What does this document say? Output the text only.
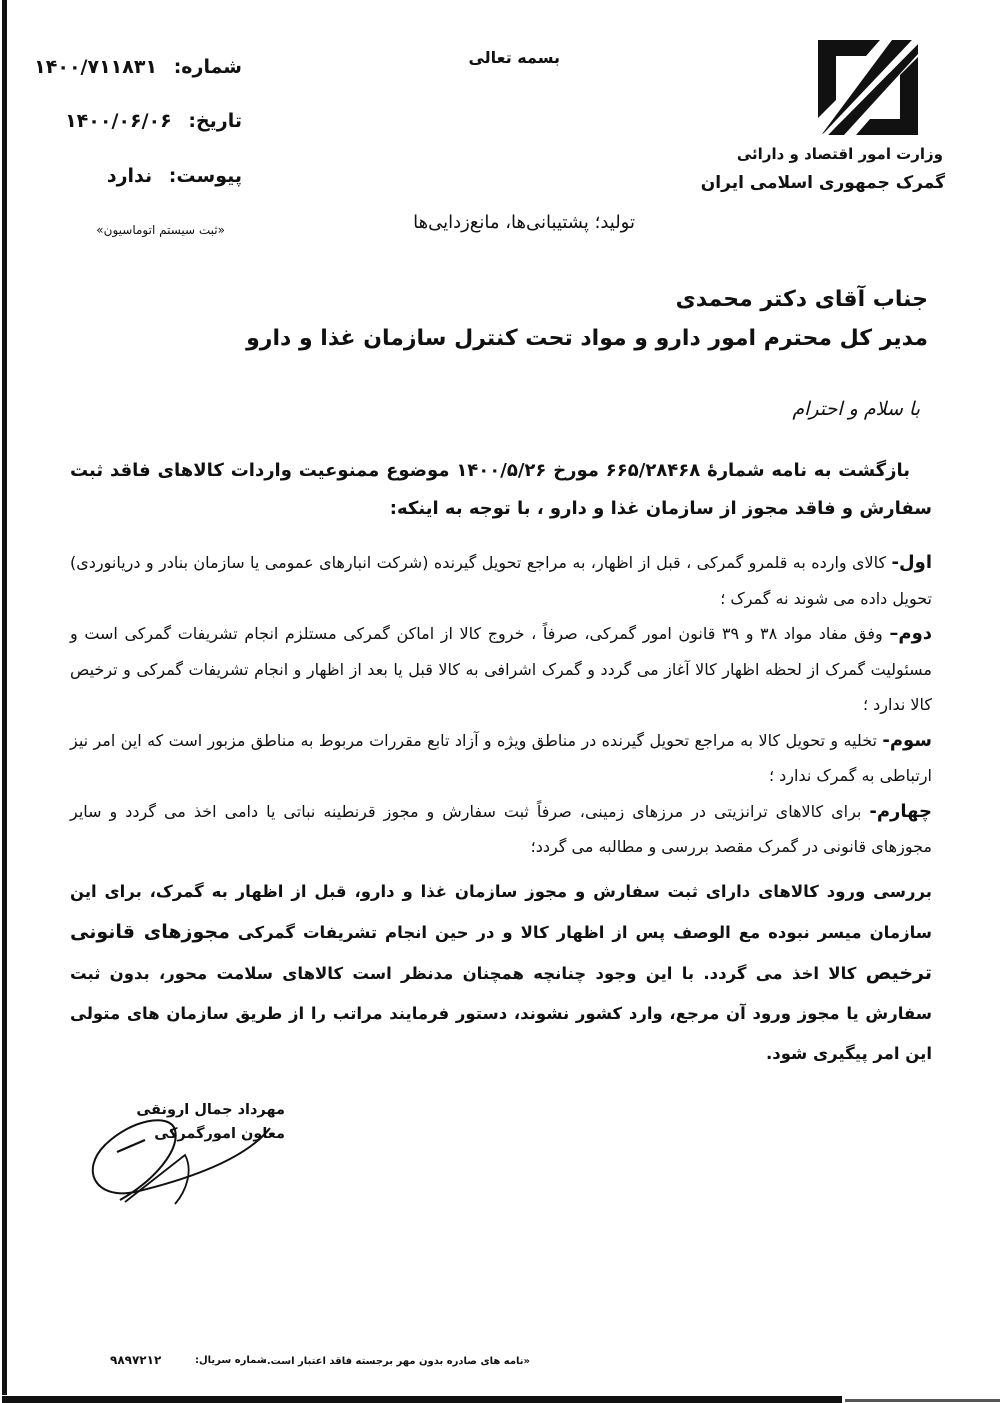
شماره: ۱۴۰۰/۷۱۱۸۳۱
تاریخ: ۱۴۰۰/۰۶/۰۶
پیوست: ندارد
«ثبت سیستم اتوماسیون»
بسمه تعالی
تولید؛ پشتیبانی‌ها، مانع‌زدایی‌ها
وزارت امور اقتصاد و دارائی
گمرک جمهوری اسلامی ایران
جناب آقای دکتر محمدی
مدیر کل محترم امور دارو و مواد تحت کنترل سازمان غذا و دارو
با سلام و احترام
بازگشت به نامه شمارهٔ ۶۶۵/۲۸۴۶۸ مورخ ۱۴۰۰/۵/۲۶ موضوع ممنوعیت واردات کالاهای فاقد ثبت سفارش و فاقد مجوز از سازمان غذا و دارو ، با توجه به اینکه:

اول- کالای وارده به قلمرو گمرکی ، قبل از اظهار، به مراجع تحویل گیرنده (شرکت انبارهای عمومی یا سازمان بنادر و دریانوردی) تحویل داده می شوند نه گمرک ؛

دوم– وفق مفاد مواد ۳۸ و ۳۹ قانون امور گمرکی، صرفاً ، خروج کالا از اماکن گمرکی مستلزم انجام تشریفات گمرکی است و مسئولیت گمرک از لحظه اظهار کالا آغاز می گردد و گمرک اشرافی به کالا قبل یا بعد از اظهار و انجام تشریفات گمرکی و ترخیص کالا ندارد ؛

سوم- تخلیه و تحویل کالا به مراجع تحویل گیرنده در مناطق ویژه و آزاد تابع مقررات مربوط به مناطق مزبور است که این امر نیز ارتباطی به گمرک ندارد ؛

چهارم- برای کالاهای ترانزیتی در مرزهای زمینی، صرفاً ثبت سفارش و مجوز قرنطینه نباتی یا دامی اخذ می گردد و سایر مجوزهای قانونی در گمرک مقصد بررسی و مطالبه می گردد؛

بررسی ورود کالاهای دارای ثبت سفارش و مجوز سازمان غذا و دارو، قبل از اظهار به گمرک، برای این سازمان میسر نبوده مع الوصف پس از اظهار کالا و در حین انجام تشریفات گمرکی مجوزهای قانونی ترخیص کالا اخذ می گردد. با این وجود چنانچه همچنان مدنظر است کالاهای سلامت محور، بدون ثبت سفارش یا مجوز ورود آن مرجع، وارد کشور نشوند، دستور فرمایند مراتب را از طریق سازمان های متولی این امر پیگیری شود.
مهرداد جمال ارونقی
معاون امورگمرکی
«نامه های صادره بدون مهر برجسته فاقد اعتبار است.»
شماره سریال:
۹۸۹۷۲۱۲
